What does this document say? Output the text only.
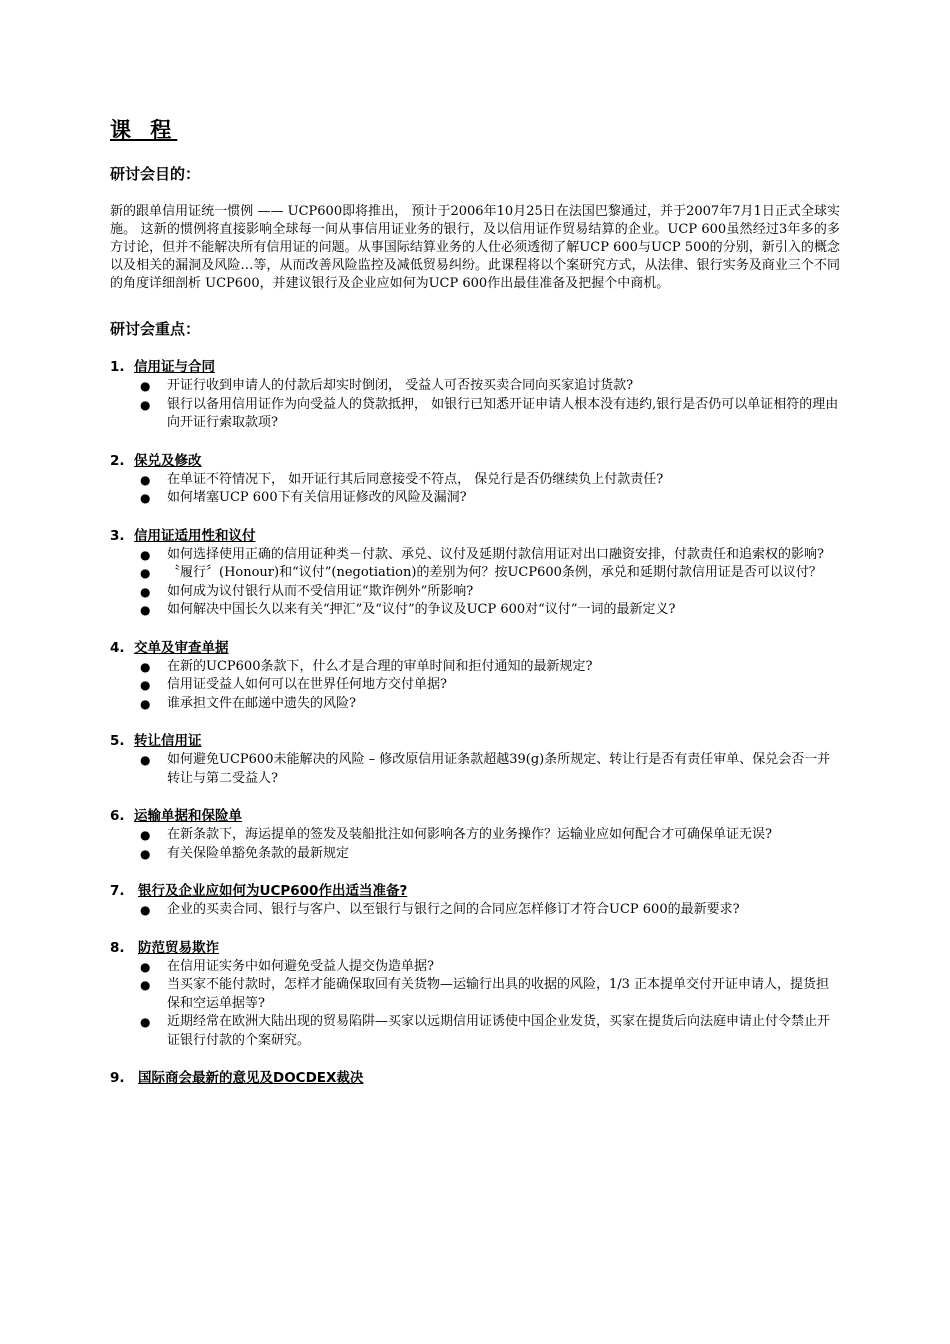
课 程
研讨会目的：
新的跟单信用证统一惯例 —— UCP600即将推出， 预计于2006年10月25日在法国巴黎通过，并于2007年7月1日正式全球实施。 这新的惯例将直接影响全球每一间从事信用证业务的银行，及以信用证作贸易结算的企业。UCP 600虽然经过3年多的多方讨论，但并不能解决所有信用证的问题。从事国际结算业务的人仕必须透彻了解UCP 600与UCP 500的分别，新引入的概念以及相关的漏洞及风险…等，从而改善风险监控及减低贸易纠纷。此课程将以个案研究方式，从法律、银行实务及商业三个不同的角度详细剖析 UCP600，并建议银行及企业应如何为UCP 600作出最佳准备及把握个中商机。
研讨会重点：
1. 信用证与合同
● 开证行收到申请人的付款后却实时倒闭， 受益人可否按买卖合同向买家追讨货款?
● 银行以备用信用证作为向受益人的贷款抵押， 如银行已知悉开证申请人根本没有违约,银行是否仍可以单证相符的理由向开证行索取款项?
2. 保兑及修改
● 在单证不符情况下， 如开证行其后同意接受不符点， 保兑行是否仍继续负上付款责任?
● 如何堵塞UCP 600下有关信用证修改的风险及漏洞?
3. 信用证适用性和议付
● 如何选择使用正确的信用证种类－付款、承兑、议付及延期付款信用证对出口融资安排，付款责任和追索权的影响?
● 〝履行〞(Honour)和“议付”(negotiation)的差别为何？按UCP600条例，承兑和延期付款信用证是否可以议付？
● 如何成为议付银行从而不受信用证“欺诈例外”所影响?
● 如何解决中国长久以来有关“押汇”及“议付”的争议及UCP 600对“议付”一词的最新定义?
4. 交单及审查单据
● 在新的UCP600条款下，什么才是合理的审单时间和拒付通知的最新规定?
● 信用证受益人如何可以在世界任何地方交付单据?
● 谁承担文件在邮递中遗失的风险?
5. 转让信用证
● 如何避免UCP600未能解决的风险 – 修改原信用证条款超越39(g)条所规定、转让行是否有责任审单、保兑会否一并转让与第二受益人?
6. 运输单据和保险单
● 在新条款下，海运提单的签发及装船批注如何影响各方的业务操作？运输业应如何配合才可确保单证无误?
● 有关保险单豁免条款的最新规定
7. 银行及企业应如何为UCP600作出适当准备?
● 企业的买卖合同、银行与客户、以至银行与银行之间的合同应怎样修订才符合UCP 600的最新要求?
8. 防范贸易欺诈
● 在信用证实务中如何避免受益人提交伪造单据?
● 当买家不能付款时，怎样才能确保取回有关货物—运输行出具的收据的风险，1/3 正本提单交付开证申请人，提货担保和空运单据等?
● 近期经常在欧洲大陆出现的贸易陷阱—买家以远期信用证诱使中国企业发货，买家在提货后向法庭申请止付令禁止开证银行付款的个案研究。
9. 国际商会最新的意见及DOCDEX裁决
